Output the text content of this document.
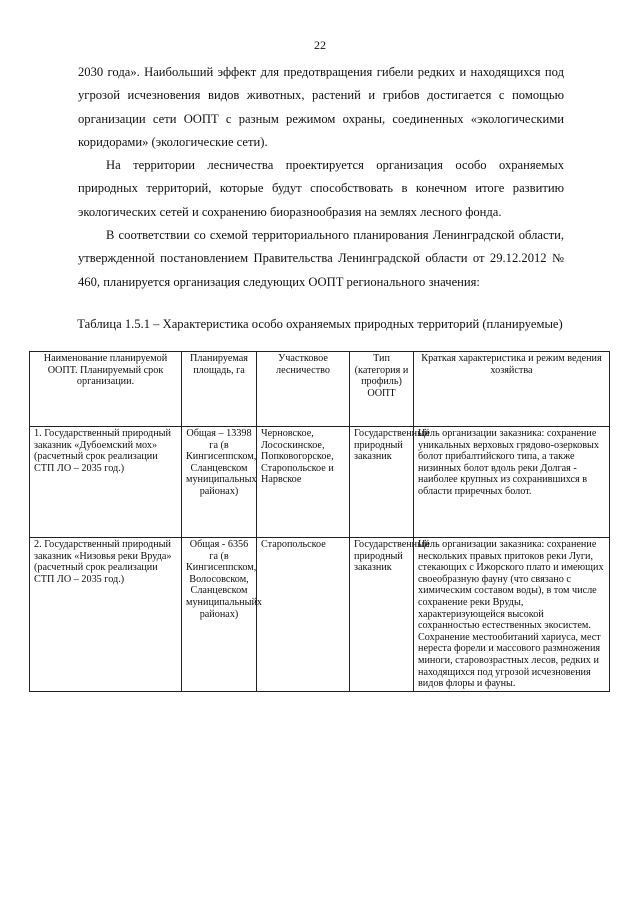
22

2030 года». Наибольший эффект для предотвращения гибели редких и находящихся под угрозой исчезновения видов животных, растений и грибов достигается с помощью организации сети ООПТ с разным режимом охраны, соединенных «экологическими коридорами» (экологические сети).

На территории лесничества проектируется организация особо охраняемых природных территорий, которые будут способствовать в конечном итоге развитию экологических сетей и сохранению биоразнообразия на землях лесного фонда.

В соответствии со схемой территориального планирования Ленинградской области, утвержденной постановлением Правительства Ленинградской области от 29.12.2012 № 460, планируется организация следующих ООПТ регионального значения:

Таблица 1.5.1 – Характеристика особо охраняемых природных территорий (планируемые)
Наименование планируемой ООПТ. Планируемый срок организации.	Планируемая площадь, га	Участковое лесничество	Тип (категория и профиль) ООПТ	Краткая характеристика и режим ведения хозяйства
1. Государственный природный заказник «Дубоемский мох» (расчетный срок реализации СТП ЛО – 2035 год.)	Общая – 13398 га (в Кингисеппском, Сланцевском муниципальных районах)	Черновское, Лососкинское, Попковогорское, Старопольское и Нарвское	Государственный природный заказник	Цель организации заказника: сохранение уникальных верховых грядово-озерковых болот прибалтийского типа, а также низинных болот вдоль реки Долгая - наиболее крупных из сохранившихся в области приречных болот.
2. Государственный природный заказник «Низовья реки Вруда» (расчетный срок реализации СТП ЛО – 2035 год.)	Общая - 6356 га (в Кингисеппском, Волосовском, Сланцевском муниципальныйх районах)	Старопольское	Государственный природный заказник	Цель организации заказника: сохранение нескольких правых притоков реки Луги, стекающих с Ижорского плато и имеющих своеобразную фауну (что связано с химическим составом воды), в том числе сохранение реки Вруды, характеризующейся высокой сохранностью естественных экосистем. Сохранение местообитаний хариуса, мест нереста форели и массового размножения миноги, старовозрастных лесов, редких и находящихся под угрозой исчезновения видов флоры и фауны.
